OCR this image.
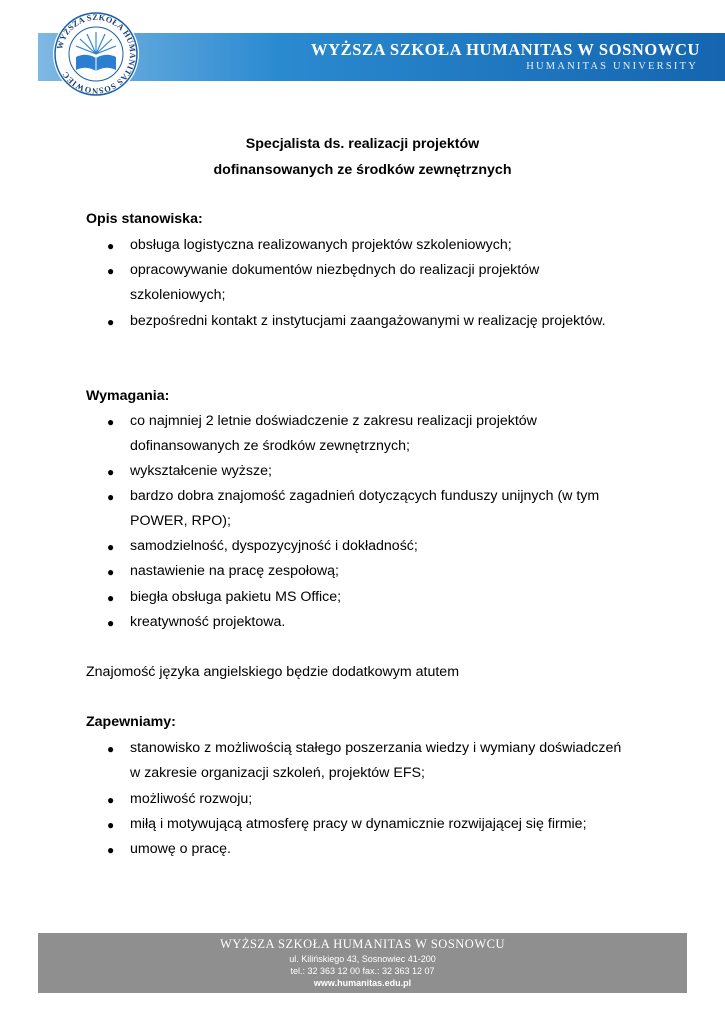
WYŻSZA SZKOŁA HUMANITAS SOSNOWIEC
WYŻSZA SZKOŁA HUMANITAS W SOSNOWCU
HUMANITAS UNIVERSITY
Specjalista ds. realizacji projektów
dofinansowanych ze środków zewnętrznych
Opis stanowiska:
● obsługa logistyczna realizowanych projektów szkoleniowych;
● opracowywanie dokumentów niezbędnych do realizacji projektów
szkoleniowych;
● bezpośredni kontakt z instytucjami zaangażowanymi w realizację projektów.
Wymagania:
● co najmniej 2 letnie doświadczenie z zakresu realizacji projektów
dofinansowanych ze środków zewnętrznych;
● wykształcenie wyższe;
● bardzo dobra znajomość zagadnień dotyczących funduszy unijnych (w tym
POWER, RPO);
● samodzielność, dyspozycyjność i dokładność;
● nastawienie na pracę zespołową;
● biegła obsługa pakietu MS Office;
● kreatywność projektowa.
Znajomość języka angielskiego będzie dodatkowym atutem
Zapewniamy:
● stanowisko z możliwością stałego poszerzania wiedzy i wymiany doświadczeń
w zakresie organizacji szkoleń, projektów EFS;
● możliwość rozwoju;
● miłą i motywującą atmosferę pracy w dynamicznie rozwijającej się firmie;
● umowę o pracę.
WYŻSZA SZKOŁA HUMANITAS W SOSNOWCU
ul. Kilińskiego 43, Sosnowiec 41-200
tel.: 32 363 12 00 fax.: 32 363 12 07
www.humanitas.edu.pl
